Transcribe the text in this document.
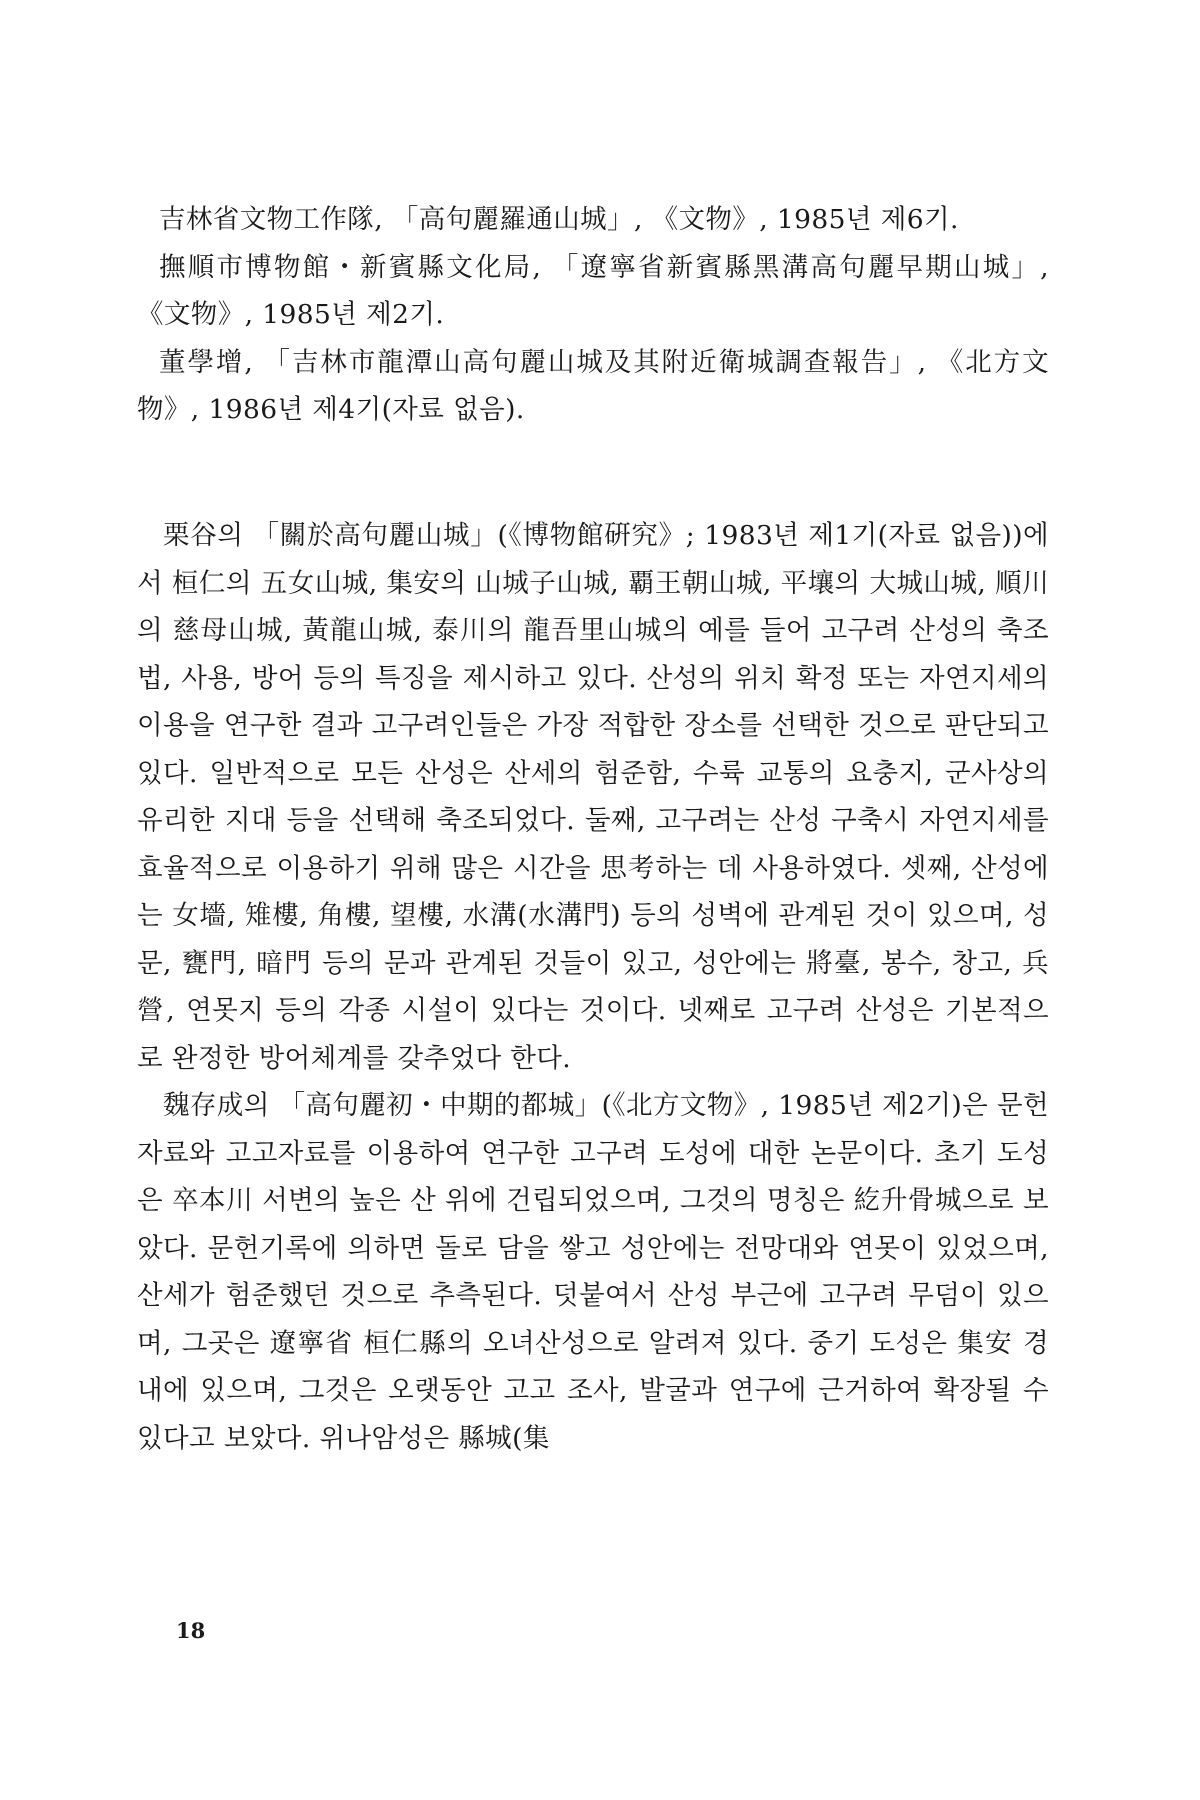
吉林省文物工作隊, 「高句麗羅通山城」, 《文物》, 1985년 제6기.

撫順市博物館・新賓縣文化局, 「遼寧省新賓縣黑溝高句麗早期山城」, 《文物》, 1985년 제2기.

董學增, 「吉林市龍潭山高句麗山城及其附近衛城調查報告」, 《北方文物》, 1986년 제4기(자료 없음).

栗谷의 「關於高句麗山城」(《博物館硏究》; 1983년 제1기(자료 없음))에서 桓仁의 五女山城, 集安의 山城子山城, 覇王朝山城, 平壤의 大城山城, 順川의 慈母山城, 黃龍山城, 泰川의 龍吾里山城의 예를 들어 고구려 산성의 축조법, 사용, 방어 등의 특징을 제시하고 있다. 산성의 위치 확정 또는 자연지세의 이용을 연구한 결과 고구려인들은 가장 적합한 장소를 선택한 것으로 판단되고 있다. 일반적으로 모든 산성은 산세의 험준함, 수륙 교통의 요충지, 군사상의 유리한 지대 등을 선택해 축조되었다. 둘째, 고구려는 산성 구축시 자연지세를 효율적으로 이용하기 위해 많은 시간을 思考하는 데 사용하였다. 셋째, 산성에는 女墻, 雉樓, 角樓, 望樓, 水溝(水溝門) 등의 성벽에 관계된 것이 있으며, 성문, 甕門, 暗門 등의 문과 관계된 것들이 있고, 성안에는 將臺, 봉수, 창고, 兵營, 연못지 등의 각종 시설이 있다는 것이다. 넷째로 고구려 산성은 기본적으로 완정한 방어체계를 갖추었다 한다.

魏存成의 「高句麗初・中期的都城」(《北方文物》, 1985년 제2기)은 문헌자료와 고고자료를 이용하여 연구한 고구려 도성에 대한 논문이다. 초기 도성은 卒本川 서변의 높은 산 위에 건립되었으며, 그것의 명칭은 紇升骨城으로 보았다. 문헌기록에 의하면 돌로 담을 쌓고 성안에는 전망대와 연못이 있었으며, 산세가 험준했던 것으로 추측된다. 덧붙여서 산성 부근에 고구려 무덤이 있으며, 그곳은 遼寧省 桓仁縣의 오녀산성으로 알려져 있다. 중기 도성은 集安 경내에 있으며, 그것은 오랫동안 고고 조사, 발굴과 연구에 근거하여 확장될 수 있다고 보았다. 위나암성은 縣城(集

18
